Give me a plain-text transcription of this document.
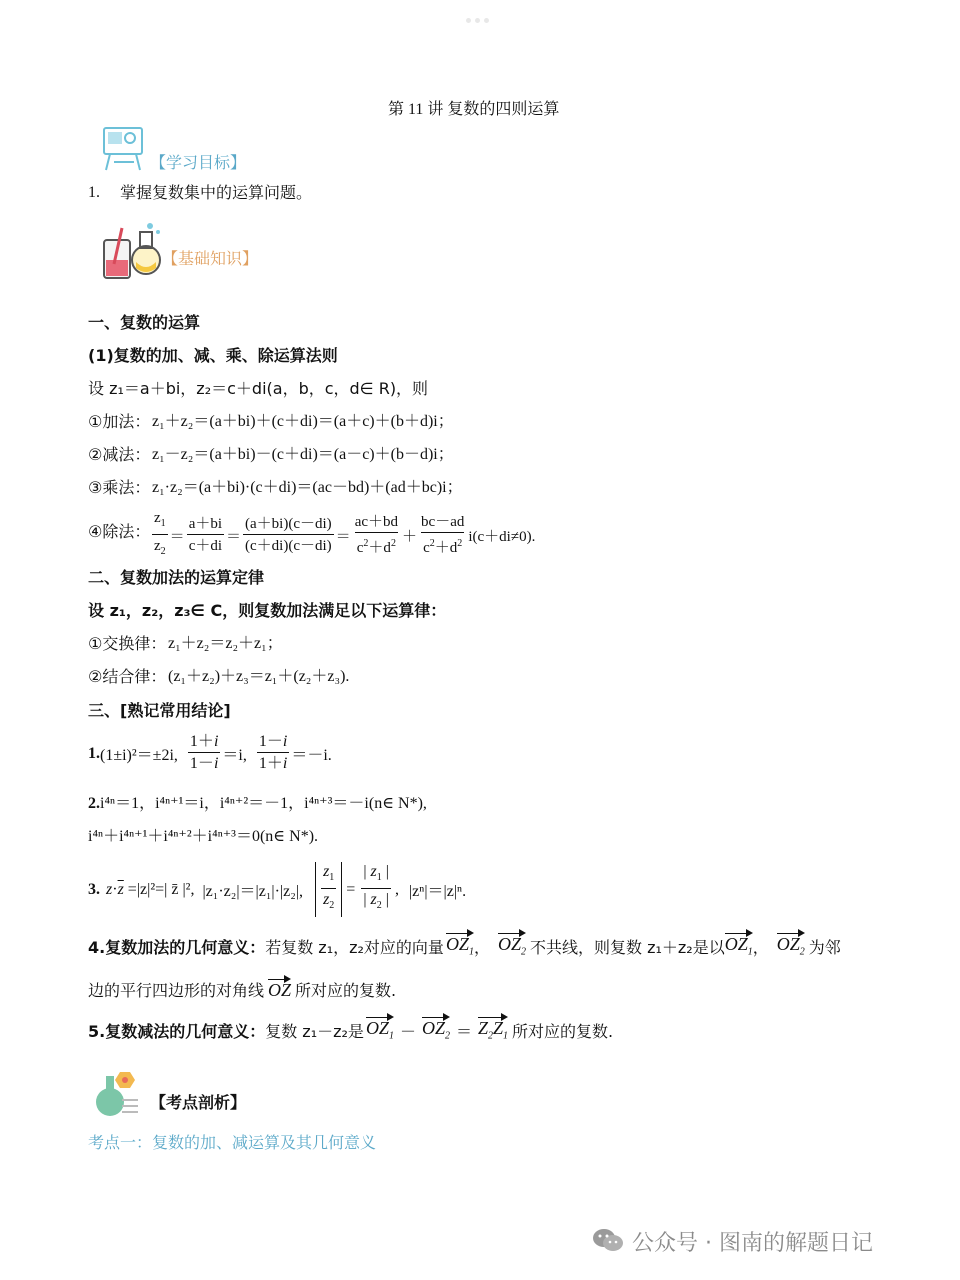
第 11 讲 复数的四则运算
【学习目标】
1. 掌握复数集中的运算问题。
【基础知识】
一、复数的运算
(1)复数的加、减、乘、除运算法则
设 z₁＝a＋bi，z₂＝c＋di(a，b，c，d∈ R)，则
①加法： z₁＋z₂＝(a＋bi)＋(c＋di)＝(a＋c)＋(b＋d)i；
②减法： z₁－z₂＝(a＋bi)－(c＋di)＝(a－c)＋(b－d)i；
③乘法： z₁·z₂＝(a＋bi)·(c＋di)＝(ac－bd)＋(ad＋bc)i；
④除法： $\frac{z_1}{z_2} = \frac{a+bi}{c+di} = \frac{(a+bi)(c-di)}{(c+di)(c-di)} = \frac{ac+bd}{c^2+d^2} + \frac{bc-ad}{c^2+d^2} i(c+di\ne 0)$.
二、复数加法的运算定律
设 z₁，z₂，z₃∈ C，则复数加法满足以下运算律：
①交换律： z₁＋z₂＝z₂＋z₁；
②结合律： (z₁＋z₂)＋z₃＝z₁＋(z₂＋z₃).
三、[熟记常用结论]
1. (1±i)²＝±2i, $\frac{1+i}{1-i} =i$, $\frac{1-i}{1+i} =-i$.
2.i⁴ⁿ＝1，i⁴ⁿ⁺¹＝i，i⁴ⁿ⁺²＝－1，i⁴ⁿ⁺³＝－i(n∈ N*),
i⁴ⁿ＋i⁴ⁿ⁺¹＋i⁴ⁿ⁺²＋i⁴ⁿ⁺³＝0(n∈ N*).
3. $z \cdot \overline{z} =|z|^2=|$ z̄ |², |z₁·z₂|＝|z₁|·|z₂|, $\frac{z_1}{z_2} = \frac{| z_1 |}{| z_2 |}$ , |zⁿ|＝|z|ⁿ.
4.复数加法的几何意义： 若复数 z₁，z₂对应的向量 $OZ_1$ ， $OZ_2$ 不共线，则复数 z₁＋z₂是以 $OZ_1$ ， $OZ_2$ 为邻
边的平行四边形的对角线 OZ 所对应的复数.
5.复数减法的几何意义： 复数 z₁－z₂是 $OZ_1 - OZ_2 = Z_2Z_1$ 所对应的复数.
【考点剖析】
考点一：复数的加、减运算及其几何意义
公众号 · 图南的解题日记
